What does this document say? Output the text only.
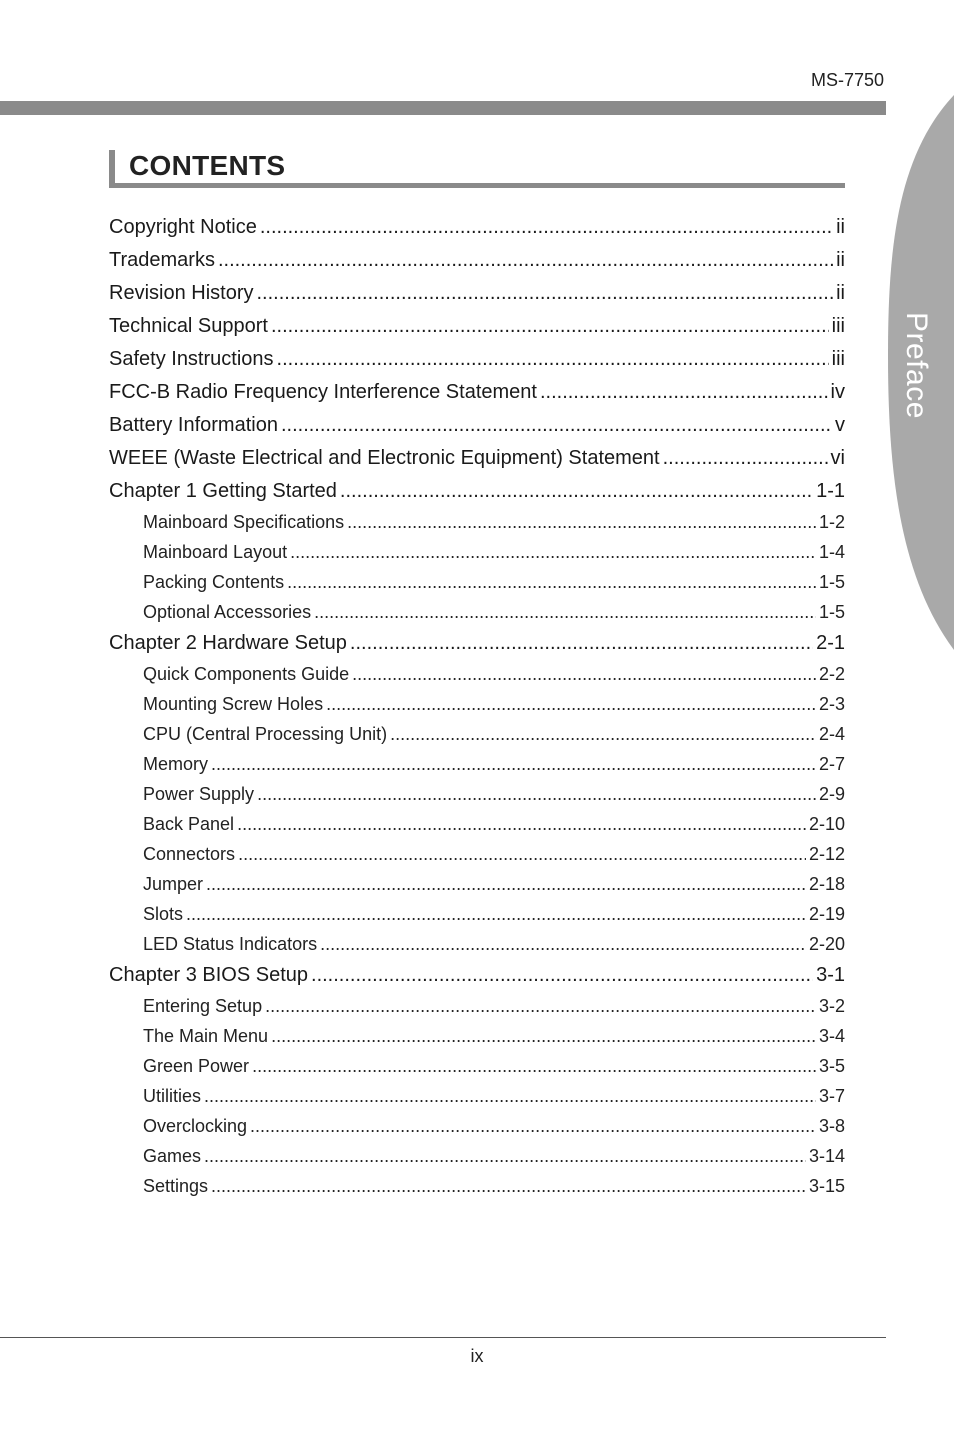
MS-7750
Preface
CONTENTS
Copyright Notice .....	ii
Trademarks .....	ii
Revision History .....	ii
Technical Support .....	iii
Safety Instructions .....	iii
FCC-B Radio Frequency Interference Statement .....	iv
Battery Information .....	v
WEEE (Waste Electrical and Electronic Equipment) Statement .....	vi
Chapter 1 Getting Started .....	1-1
Mainboard Specifications .....	1-2
Mainboard Layout .....	1-4
Packing Contents .....	1-5
Optional Accessories .....	1-5
Chapter 2 Hardware Setup .....	2-1
Quick Components Guide .....	2-2
Mounting Screw Holes .....	2-3
CPU (Central Processing Unit) .....	2-4
Memory .....	2-7
Power Supply .....	2-9
Back Panel .....	2-10
Connectors .....	2-12
Jumper .....	2-18
Slots .....	2-19
LED Status Indicators .....	2-20
Chapter 3 BIOS Setup .....	3-1
Entering Setup .....	3-2
The Main Menu .....	3-4
Green Power .....	3-5
Utilities .....	3-7
Overclocking .....	3-8
Games .....	3-14
Settings .....	3-15
ix
